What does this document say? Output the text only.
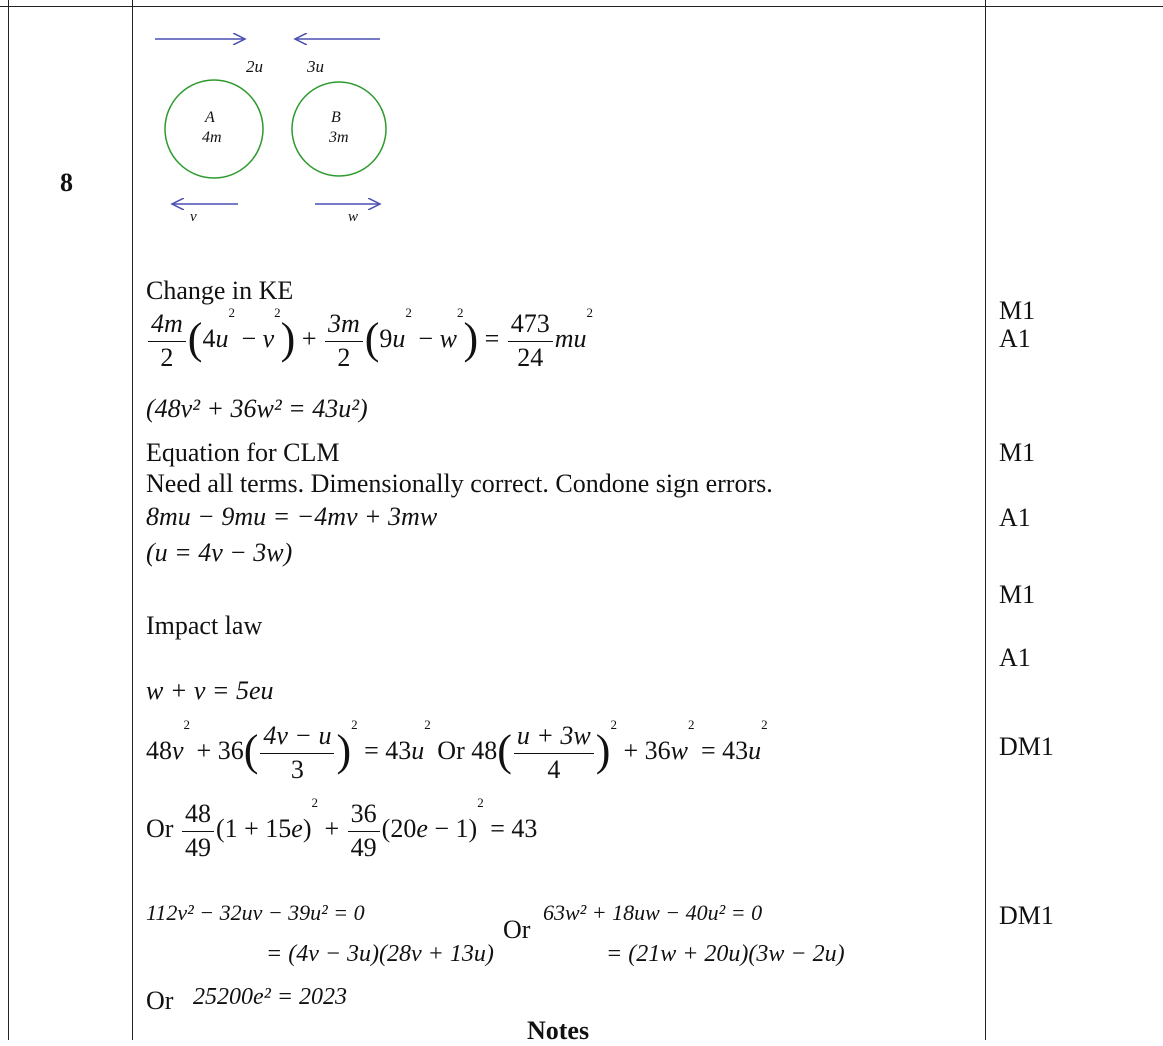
8
2u	3u
A
4m
B
3m
v	w
Change in KE
$\frac{4m}{2} (4u^2 - v^2) + \frac{3m}{2} (9u^2 - w^2) = \frac{473}{24} mu^2$
(48v² + 36w² = 43u²)
Equation for CLM
Need all terms. Dimensionally correct. Condone sign errors.
8mu − 9mu = −4mv + 3mw
(u = 4v − 3w)
Impact law
w + v = 5eu
$48v^2 + 36( \frac{4v - u}{3} )^2 = 43u^2$ Or $48( \frac{u + 3w}{4} )^2 + 36w^2 = 43u^2$
Or $\frac{48}{49} (1 + 15e)^2 + \frac{36}{49} (20e - 1)^2 = 43$
112v² − 32uv − 39u² = 0
= (4v − 3u)(28v + 13u)
Or
63w² + 18uw − 40u² = 0
= (21w + 20u)(3w − 2u)
Or 25200e² = 2023
Notes
M1
A1
M1
A1
M1
A1
DM1
DM1
